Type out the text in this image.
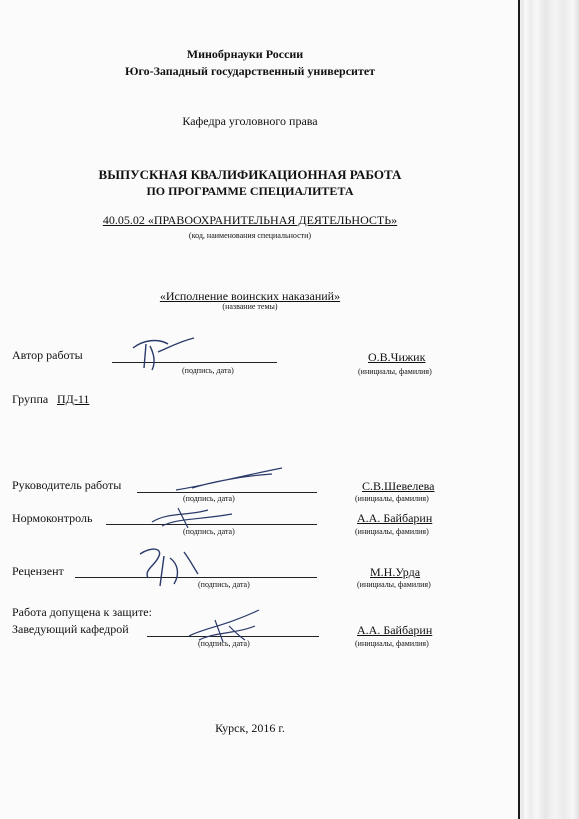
Минобрнауки России
Юго-Западный государственный университет
Кафедра уголовного права
ВЫПУСКНАЯ КВАЛИФИКАЦИОННАЯ РАБОТА
ПО ПРОГРАММЕ СПЕЦИАЛИТЕТА
40.05.02 «ПРАВООХРАНИТЕЛЬНАЯ ДЕЯТЕЛЬНОСТЬ»
(код, наименования специальности)
«Исполнение воинских наказаний»
(название темы)
Автор работы	О.В.Чижик
(подпись, дата)	(инициалы, фамилия)
Группа ПД-11
Руководитель работы	С.В.Шевелева
(подпись, дата)	(инициалы, фамилия)
Нормоконтроль	А.А. Байбарин
(подпись, дата)	(инициалы, фамилия)
Рецензент	М.Н.Урда
(подпись, дата)	(инициалы, фамилия)
Работа допущена к защите:
Заведующий кафедрой	А.А. Байбарин
(подпись, дата)	(инициалы, фамилия)
Курск, 2016 г.
